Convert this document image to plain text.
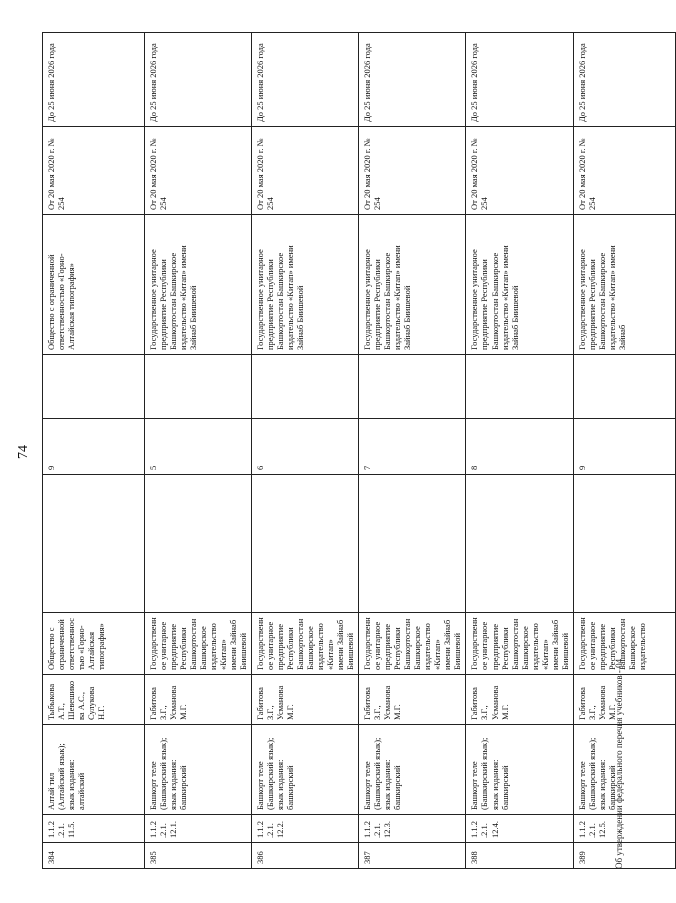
74
384	1.1.2.2.1.11.5.	Алтай тил (Алтайский язык); язык издания: алтайский	Тыбыкова А.Т., Шевешикова А.С., Сулукова Н.Г.	Общество с ограниченной ответственностью «Горно-Алтайская типография»		9		Общество с ограниченной ответственностью «Горно-Алтайская типография»	От 20 мая 2020 г. № 254	До 25 июня 2026 года
385	1.1.2.2.1.12.1.	Башкорт теле (Башкирский язык); язык издания: башкирский	Габитова З.Г., Усманова М.Г.	Государственное унитарное предприятие Республики Башкортостан Башкирское издательство «Китап» имени Зайнаб Биишевой		5		Государственное унитарное предприятие Республики Башкортостан Башкирское издательство «Китап» имени Зайнаб Биишевой	От 20 мая 2020 г. № 254	До 25 июня 2026 года
386	1.1.2.2.1.12.2.	Башкорт теле (Башкирский язык); язык издания: башкирский	Габитова З.Г., Усманова М.Г.	Государственное унитарное предприятие Республики Башкортостан Башкирское издательство «Китап» имени Зайнаб Биишевой		6		Государственное унитарное предприятие Республики Башкортостан Башкирское издательство «Китап» имени Зайнаб Биишевой	От 20 мая 2020 г. № 254	До 25 июня 2026 года
387	1.1.2.2.1.12.3.	Башкорт теле (Башкирский язык); язык издания: башкирский	Габитова З.Г., Усманова М.Г.	Государственное унитарное предприятие Республики Башкортостан Башкирское издательство «Китап» имени Зайнаб Биишевой		7		Государственное унитарное предприятие Республики Башкортостан Башкирское издательство «Китап» имени Зайнаб Биишевой	От 20 мая 2020 г. № 254	До 25 июня 2026 года
388	1.1.2.2.1.12.4.	Башкорт теле (Башкирский язык); язык издания: башкирский	Габитова З.Г., Усманова М.Г.	Государственное унитарное предприятие Республики Башкортостан Башкирское издательство «Китап» имени Зайнаб Биишевой		8		Государственное унитарное предприятие Республики Башкортостан Башкирское издательство «Китап» имени Зайнаб Биишевой	От 20 мая 2020 г. № 254	До 25 июня 2026 года
389	1.1.2.2.1.12.5.	Башкорт теле (Башкирский язык); язык издания: башкирский	Габитова З.Г., Усманова М.Г.	Государственное унитарное предприятие Республики Башкортостан Башкирское издательство		9		Государственное унитарное предприятие Республики Башкортостан Башкирское издательство «Китап» имени Зайнаб	От 20 мая 2020 г. № 254	До 25 июня 2026 года
Об утверждении федерального перечня учебников - 04
